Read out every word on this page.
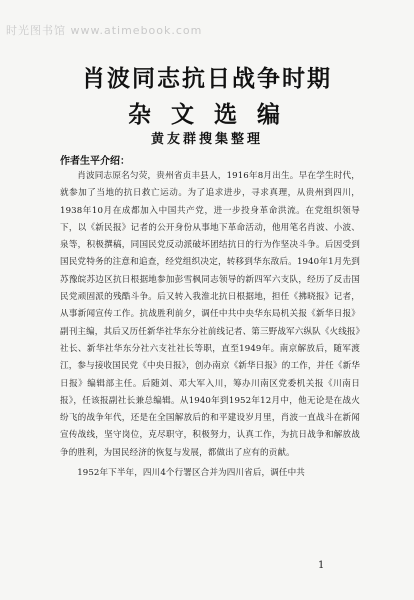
时光图书馆 www.atimebook.com
肖波同志抗日战争时期
杂 文 选 编
黄友群搜集整理
作者生平介绍：

肖波同志原名匀荧，贵州省贞丰县人，1916年8月出生。早在学生时代，就参加了当地的抗日救亡运动。为了追求进步，寻求真理，从贵州到四川，1938年10月在成都加入中国共产党，进一步投身革命洪流。在党组织领导下，以《新民报》记者的公开身份从事地下革命活动，他用笔名肖波、小波、泉等，积极撰稿，同国民党反动派破坏团结抗日的行为作坚决斗争。后因受到国民党特务的注意和追查，经党组织决定，转移到华东敌后。1940年1月先到苏豫皖苏边区抗日根据地参加彭雪枫同志领导的新四军六支队，经历了反击国民党顽固派的残酷斗争。后又转入我淮北抗日根据地，担任《拂晓报》记者，从事新闻宣传工作。抗战胜利前夕，调任中共中央华东局机关报《新华日报》副刊主编，其后又历任新华社华东分社前线记者、第三野战军六纵队《火线报》社长、新华社华东分社六支社社长等职，直至1949年。南京解放后，随军渡江，参与接收国民党《中央日报》，创办南京《新华日报》的工作，并任《新华日报》编辑部主任。后随刘、邓大军入川，筹办川南区党委机关报《川南日报》，任该报副社长兼总编辑。从1940年到1952年12月中，他无论是在战火纷飞的战争年代，还是在全国解放后的和平建设岁月里，肖波一直战斗在新闻宣传战线，坚守岗位，克尽职守，积极努力，认真工作，为抗日战争和解放战争的胜利，为国民经济的恢复与发展，都做出了应有的贡献。

1952年下半年，四川4个行署区合并为四川省后，调任中共

1
